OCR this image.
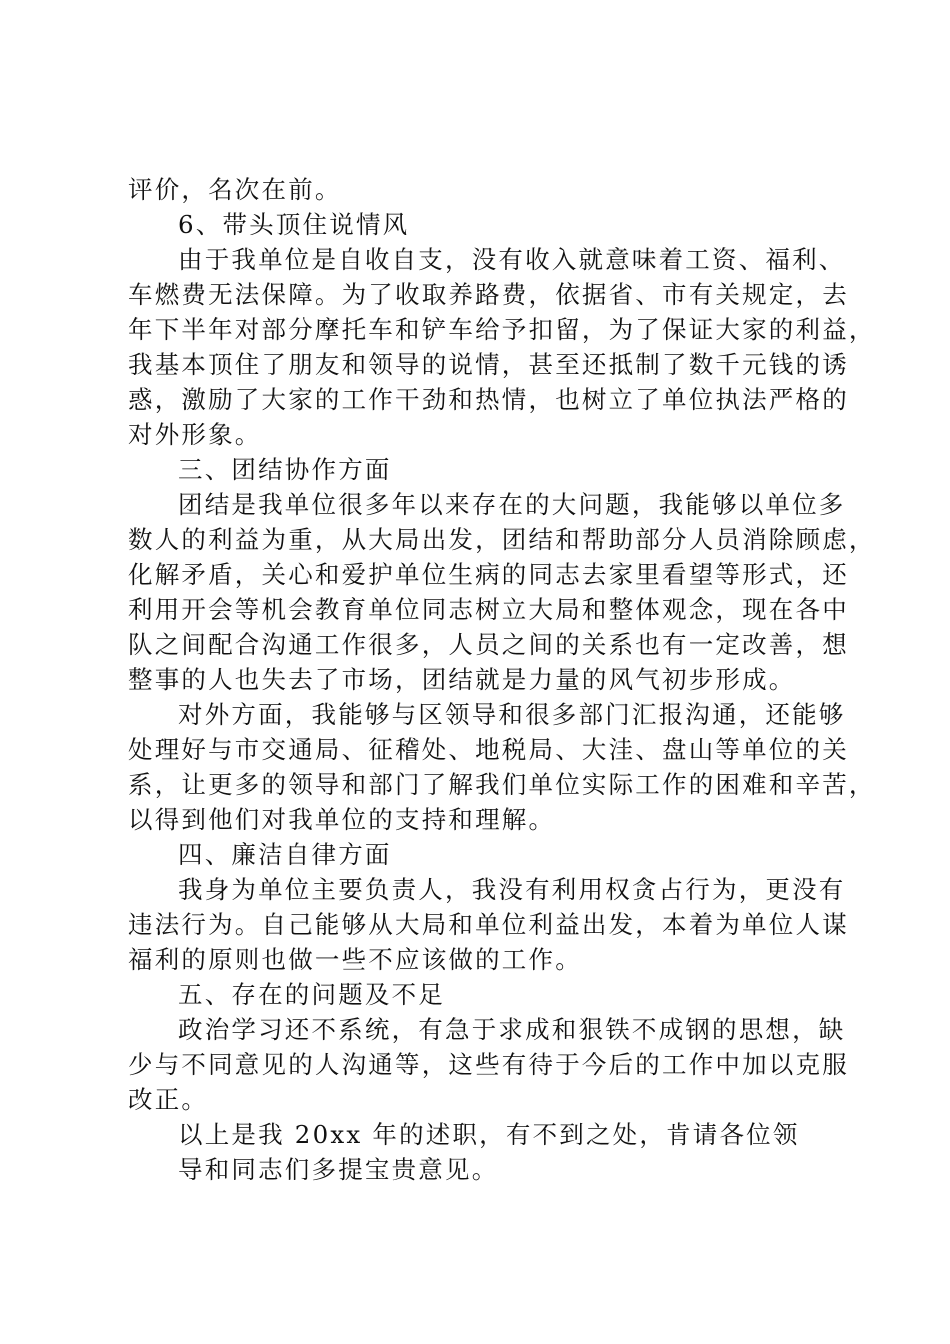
评价，名次在前。
6、带头顶住说情风
由于我单位是自收自支，没有收入就意味着工资、福利、
车燃费无法保障。为了收取养路费，依据省、市有关规定，去
年下半年对部分摩托车和铲车给予扣留，为了保证大家的利益，
我基本顶住了朋友和领导的说情，甚至还抵制了数千元钱的诱
惑，激励了大家的工作干劲和热情，也树立了单位执法严格的
对外形象。
三、团结协作方面
团结是我单位很多年以来存在的大问题，我能够以单位多
数人的利益为重，从大局出发，团结和帮助部分人员消除顾虑，
化解矛盾，关心和爱护单位生病的同志去家里看望等形式，还
利用开会等机会教育单位同志树立大局和整体观念，现在各中
队之间配合沟通工作很多，人员之间的关系也有一定改善，想
整事的人也失去了市场，团结就是力量的风气初步形成。
对外方面，我能够与区领导和很多部门汇报沟通，还能够
处理好与市交通局、征稽处、地税局、大洼、盘山等单位的关
系，让更多的领导和部门了解我们单位实际工作的困难和辛苦，
以得到他们对我单位的支持和理解。
四、廉洁自律方面
我身为单位主要负责人，我没有利用权贪占行为，更没有
违法行为。自己能够从大局和单位利益出发，本着为单位人谋
福利的原则也做一些不应该做的工作。
五、存在的问题及不足
政治学习还不系统，有急于求成和狠铁不成钢的思想，缺
少与不同意见的人沟通等，这些有待于今后的工作中加以克服
改正。
以上是我 20xx 年的述职，有不到之处，肯请各位领
导和同志们多提宝贵意见。
